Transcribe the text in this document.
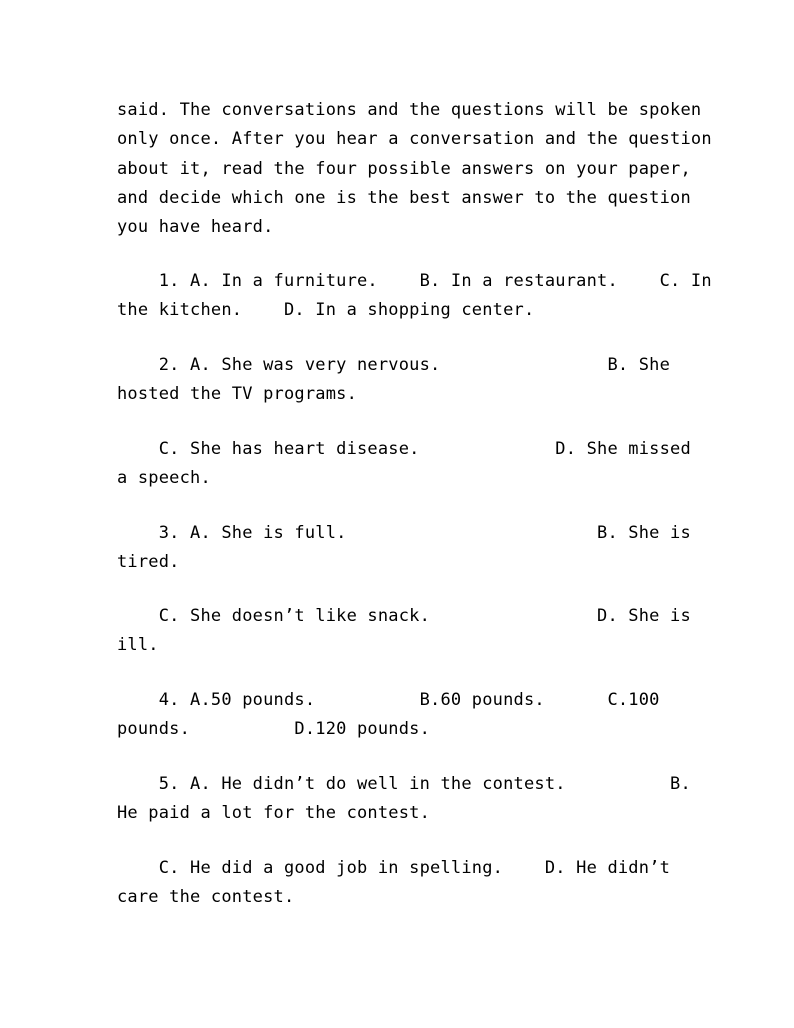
said. The conversations and the questions will be spoken
only once. After you hear a conversation and the question
about it, read the four possible answers on your paper,
and decide which one is the best answer to the question
you have heard.
1. A. In a furniture.    B. In a restaurant.    C. In
the kitchen.    D. In a shopping center.
2. A. She was very nervous.                B. She
hosted the TV programs.
C. She has heart disease.             D. She missed
a speech.
3. A. She is full.                        B. She is
tired.
C. She doesn’t like snack.                D. She is
ill.
4. A.50 pounds.          B.60 pounds.      C.100
pounds.          D.120 pounds.
5. A. He didn’t do well in the contest.          B.
He paid a lot for the contest.
C. He did a good job in spelling.    D. He didn’t
care the contest.
